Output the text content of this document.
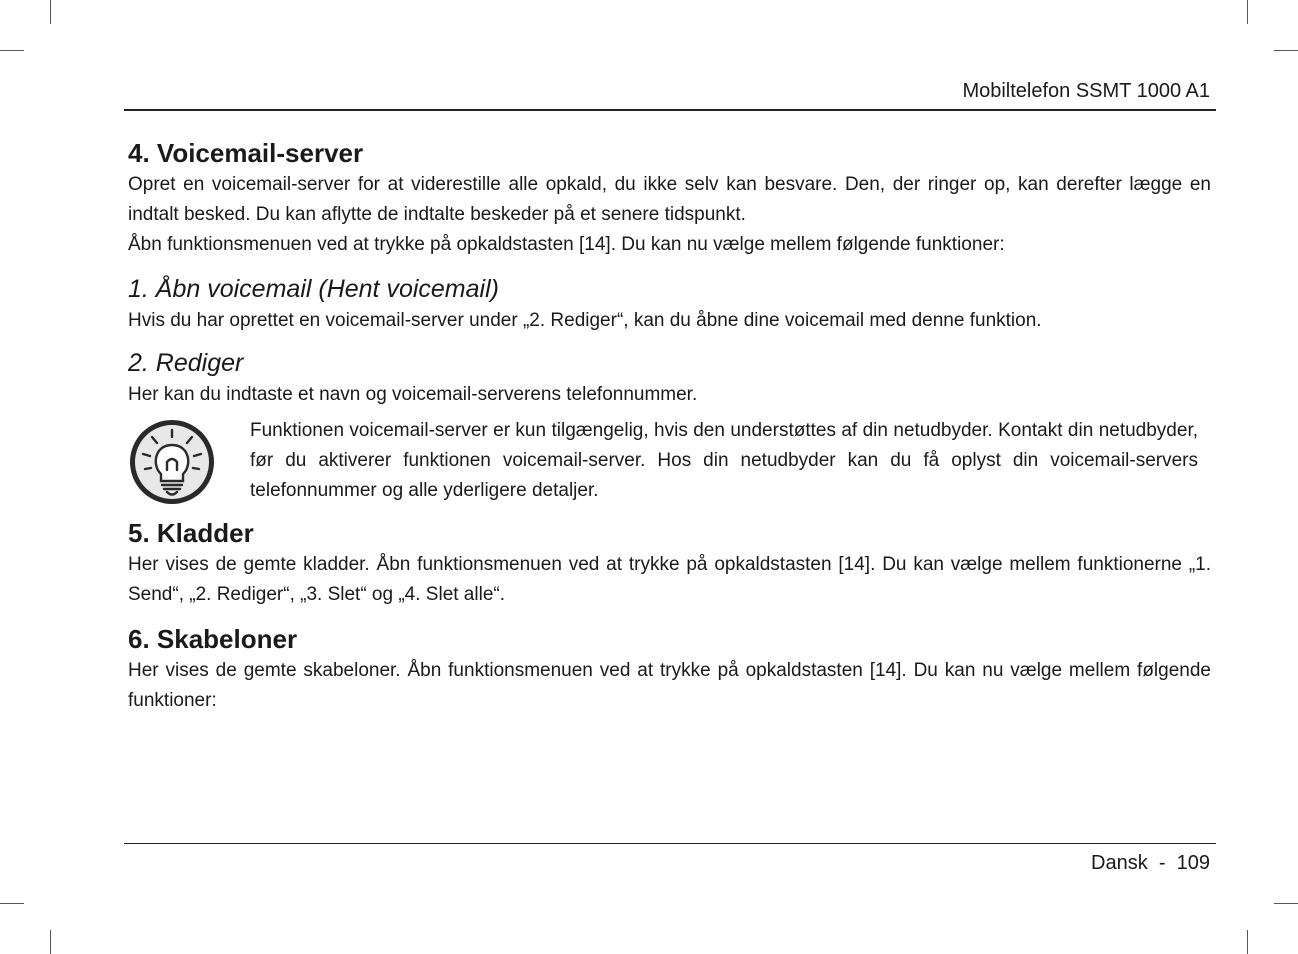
Mobiltelefon SSMT 1000 A1
4. Voicemail-server

Opret en voicemail-server for at viderestille alle opkald, du ikke selv kan besvare. Den, der ringer op, kan derefter lægge en indtalt besked. Du kan aflytte de indtalte beskeder på et senere tidspunkt.

Åbn funktionsmenuen ved at trykke på opkaldstasten [14]. Du kan nu vælge mellem følgende funktioner:

1. Åbn voicemail (Hent voicemail)

Hvis du har oprettet en voicemail-server under „2. Rediger“, kan du åbne dine voicemail med denne funktion.

2. Rediger

Her kan du indtaste et navn og voicemail-serverens telefonnummer.

Funktionen voicemail-server er kun tilgængelig, hvis den understøttes af din netudbyder. Kontakt din netudbyder, før du aktiverer funktionen voicemail-server. Hos din netudbyder kan du få oplyst din voicemail-servers telefonnummer og alle yderligere detaljer.

5. Kladder

Her vises de gemte kladder. Åbn funktionsmenuen ved at trykke på opkaldstasten [14]. Du kan vælge mellem funktionerne „1. Send“, „2. Rediger“, „3. Slet“ og „4. Slet alle“.

6. Skabeloner

Her vises de gemte skabeloner. Åbn funktionsmenuen ved at trykke på opkaldstasten [14]. Du kan nu vælge mellem følgende funktioner:

Dansk  -  109
